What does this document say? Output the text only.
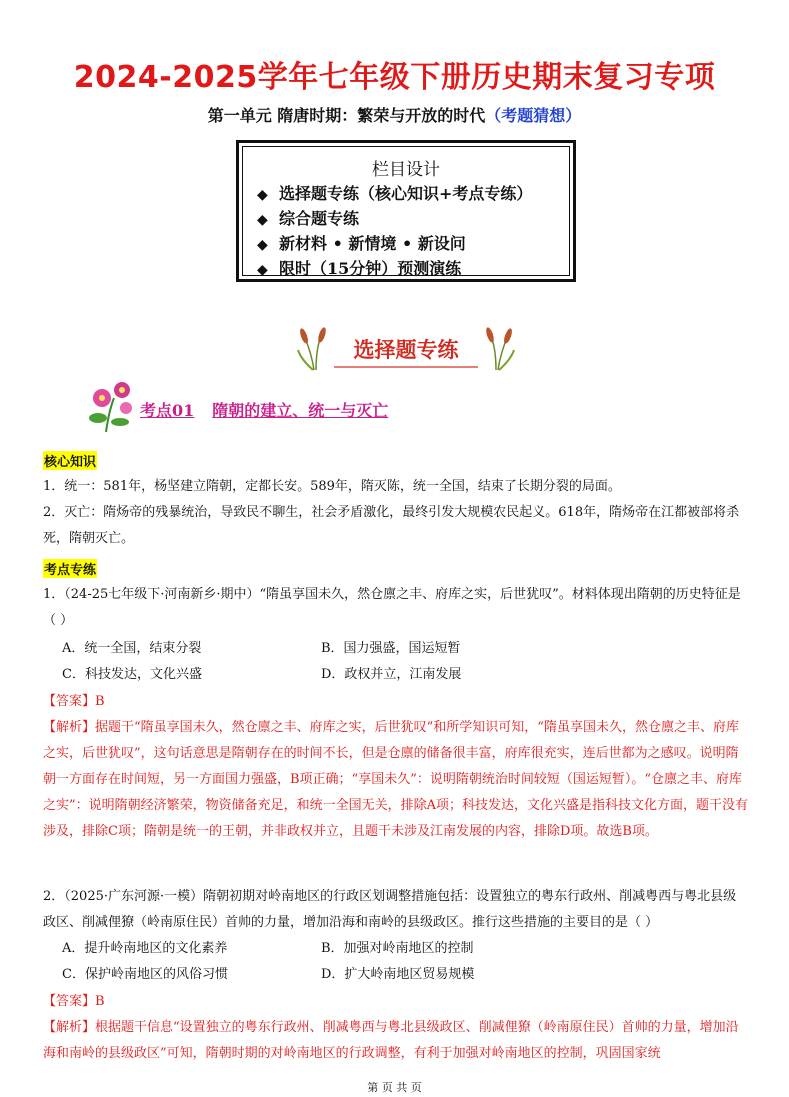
2024-2025学年七年级下册历史期末复习专项
第一单元 隋唐时期：繁荣与开放的时代（考题猜想）
栏目设计
◆ 选择题专练（核心知识+考点专练）
◆ 综合题专练
◆ 新材料 • 新情境 • 新设问
◆ 限时（15分钟）预测演练
选择题专练
考点01 隋朝的建立、统一与灭亡
核心知识
1．统一：581年，杨坚建立隋朝，定都长安。589年，隋灭陈，统一全国，结束了长期分裂的局面。
2．灭亡：隋炀帝的残暴统治，导致民不聊生，社会矛盾激化，最终引发大规模农民起义。618年，隋炀帝在江都被部将杀死，隋朝灭亡。
考点专练
1．（24-25七年级下·河南新乡·期中）“隋虽享国未久，然仓廪之丰、府库之实，后世犹叹”。材料体现出隋朝的历史特征是（ ）
A．统一全国，结束分裂	B．国力强盛，国运短暂
C．科技发达，文化兴盛	D．政权并立，江南发展
【答案】B
【解析】据题干“隋虽享国未久，然仓廪之丰、府库之实，后世犹叹”和所学知识可知，“隋虽享国未久，然仓廪之丰、府库之实，后世犹叹”，这句话意思是隋朝存在的时间不长，但是仓廪的储备很丰富，府库很充实，连后世都为之感叹。说明隋朝一方面存在时间短，另一方面国力强盛，B项正确；“享国未久”：说明隋朝统治时间较短（国运短暂）。“仓廪之丰、府库之实”：说明隋朝经济繁荣，物资储备充足，和统一全国无关，排除A项；科技发达，文化兴盛是指科技文化方面，题干没有涉及，排除C项；隋朝是统一的王朝，并非政权并立，且题干未涉及江南发展的内容，排除D项。故选B项。
2．（2025·广东河源·一模）隋朝初期对岭南地区的行政区划调整措施包括：设置独立的粤东行政州、削减粤西与粤北县级政区、削减俚獠（岭南原住民）首帅的力量，增加沿海和南岭的县级政区。推行这些措施的主要目的是（ ）
A．提升岭南地区的文化素养	B．加强对岭南地区的控制
C．保护岭南地区的风俗习惯	D．扩大岭南地区贸易规模
【答案】B
【解析】根据题干信息“设置独立的粤东行政州、削减粤西与粤北县级政区、削减俚獠（岭南原住民）首帅的力量，增加沿海和南岭的县级政区”可知，隋朝时期的对岭南地区的行政调整，有利于加强对岭南地区的控制，巩固国家统
第 页 共 页
